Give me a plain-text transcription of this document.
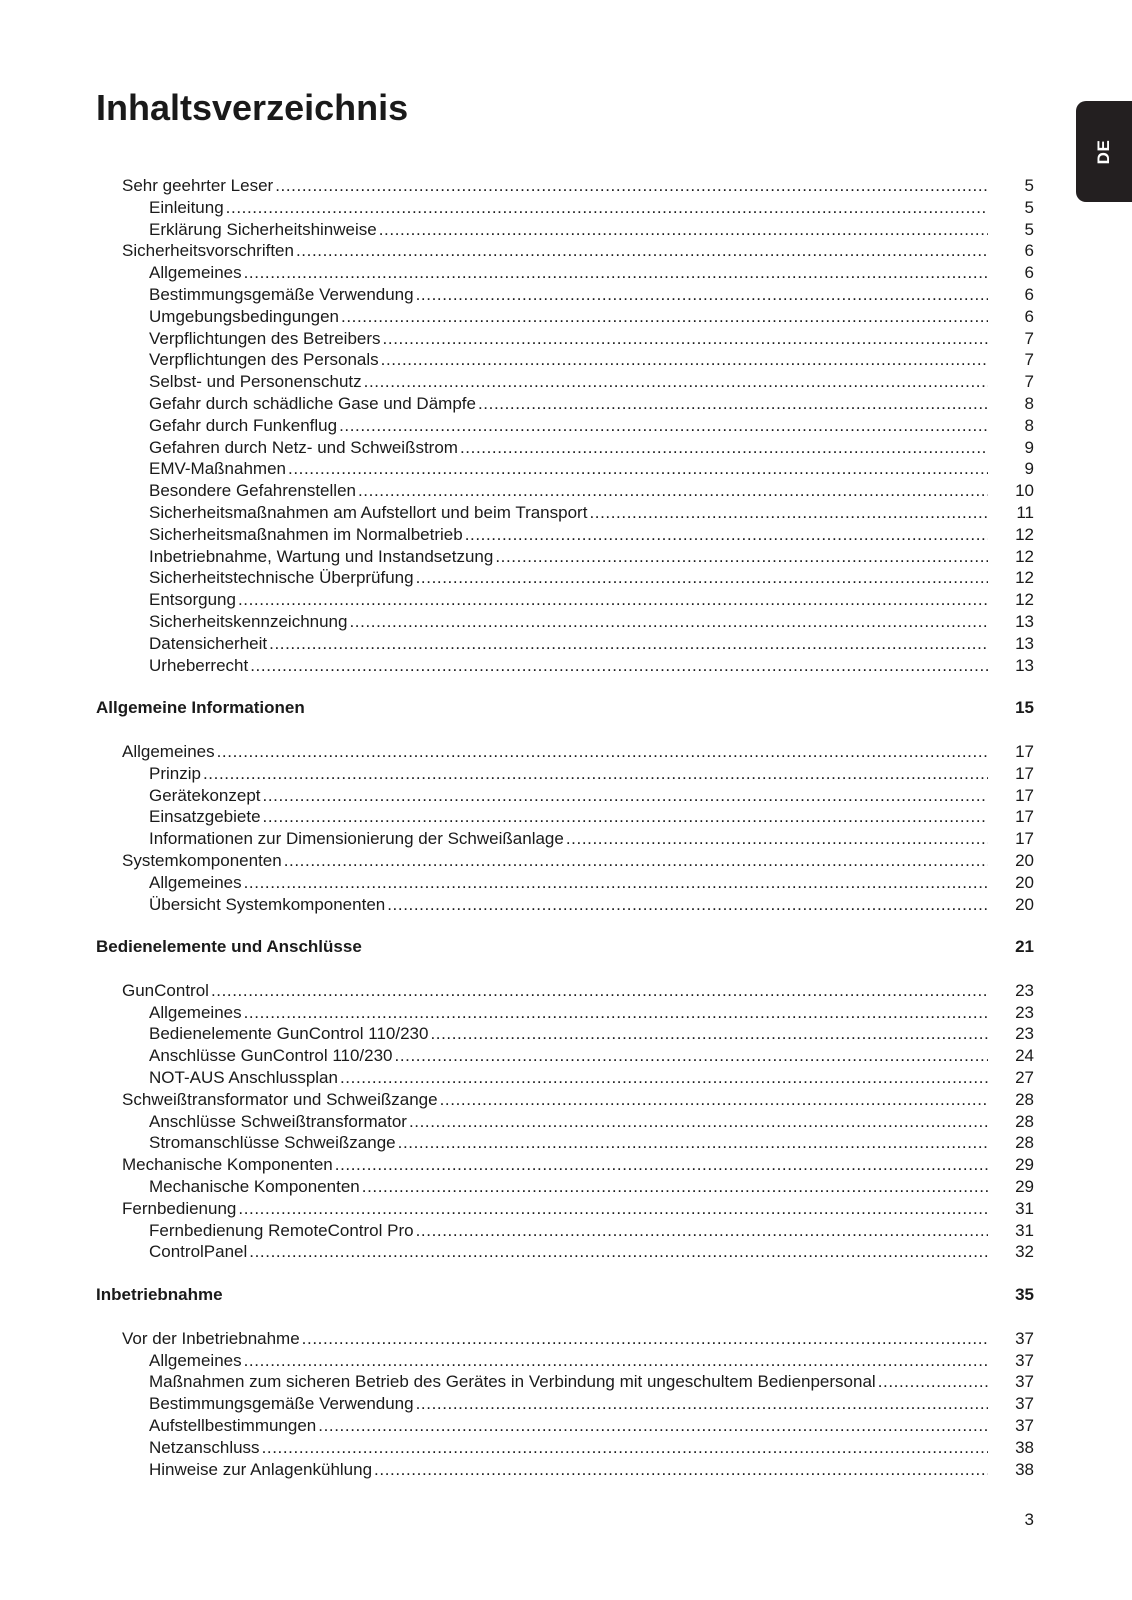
Inhaltsverzeichnis
DE
Sehr geehrter Leser .....	5
Einleitung .....	5
Erklärung Sicherheitshinweise .....	5
Sicherheitsvorschriften .....	6
Allgemeines .....	6
Bestimmungsgemäße Verwendung .....	6
Umgebungsbedingungen .....	6
Verpflichtungen des Betreibers .....	7
Verpflichtungen des Personals .....	7
Selbst- und Personenschutz .....	7
Gefahr durch schädliche Gase und Dämpfe .....	8
Gefahr durch Funkenflug .....	8
Gefahren durch Netz- und Schweißstrom .....	9
EMV-Maßnahmen .....	9
Besondere Gefahrenstellen .....	10
Sicherheitsmaßnahmen am Aufstellort und beim Transport .....	11
Sicherheitsmaßnahmen im Normalbetrieb .....	12
Inbetriebnahme, Wartung und Instandsetzung .....	12
Sicherheitstechnische Überprüfung .....	12
Entsorgung .....	12
Sicherheitskennzeichnung .....	13
Datensicherheit .....	13
Urheberrecht .....	13
Allgemeine Informationen	15
Allgemeines .....	17
Prinzip .....	17
Gerätekonzept .....	17
Einsatzgebiete .....	17
Informationen zur Dimensionierung der Schweißanlage .....	17
Systemkomponenten .....	20
Allgemeines .....	20
Übersicht Systemkomponenten .....	20
Bedienelemente und Anschlüsse	21
GunControl .....	23
Allgemeines .....	23
Bedienelemente GunControl 110/230 .....	23
Anschlüsse GunControl 110/230 .....	24
NOT-AUS Anschlussplan .....	27
Schweißtransformator und Schweißzange .....	28
Anschlüsse Schweißtransformator .....	28
Stromanschlüsse Schweißzange .....	28
Mechanische Komponenten .....	29
Mechanische Komponenten .....	29
Fernbedienung .....	31
Fernbedienung RemoteControl Pro .....	31
ControlPanel .....	32
Inbetriebnahme	35
Vor der Inbetriebnahme .....	37
Allgemeines .....	37
Maßnahmen zum sicheren Betrieb des Gerätes in Verbindung mit ungeschultem Bedienpersonal .....	37
Bestimmungsgemäße Verwendung .....	37
Aufstellbestimmungen .....	37
Netzanschluss .....	38
Hinweise zur Anlagenkühlung .....	38
3
